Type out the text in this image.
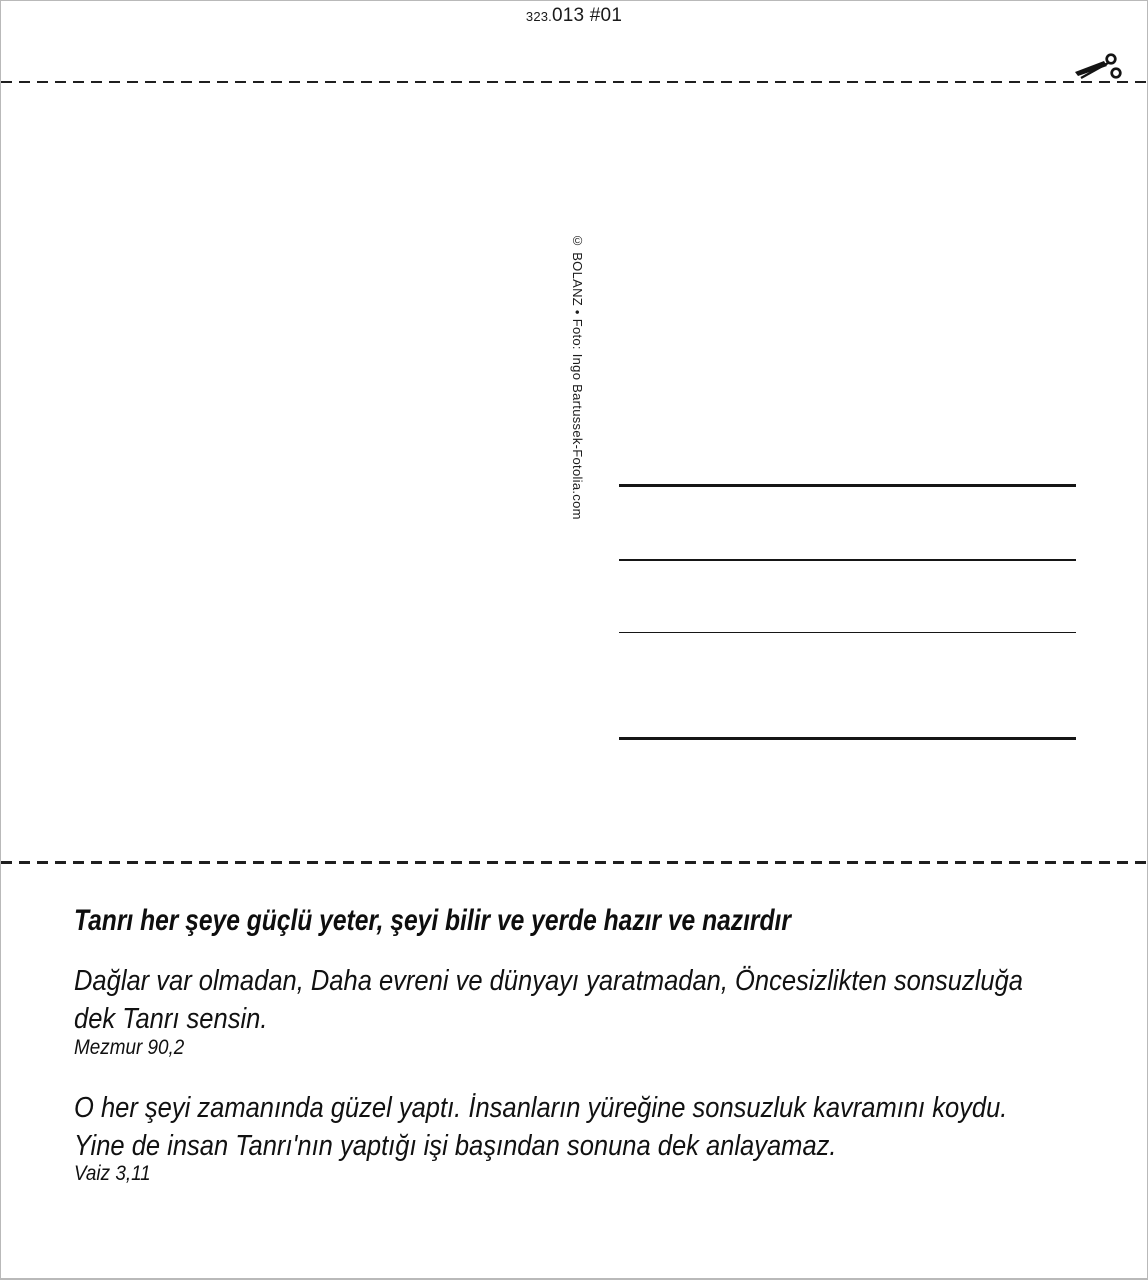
323.013 #01
© BOLANZ • Foto: Ingo Bartussek-Fotolia.com
Tanrı her şeye güçlü yeter, şeyi bilir ve yerde hazır ve nazırdır
Dağlar var olmadan, Daha evreni ve dünyayı yaratmadan, Öncesizlikten sonsuzluğa
dek Tanrı sensin.
Mezmur 90,2
O her şeyi zamanında güzel yaptı. İnsanların yüreğine sonsuzluk kavramını koydu.
Yine de insan Tanrı'nın yaptığı işi başından sonuna dek anlayamaz.
Vaiz 3,11
